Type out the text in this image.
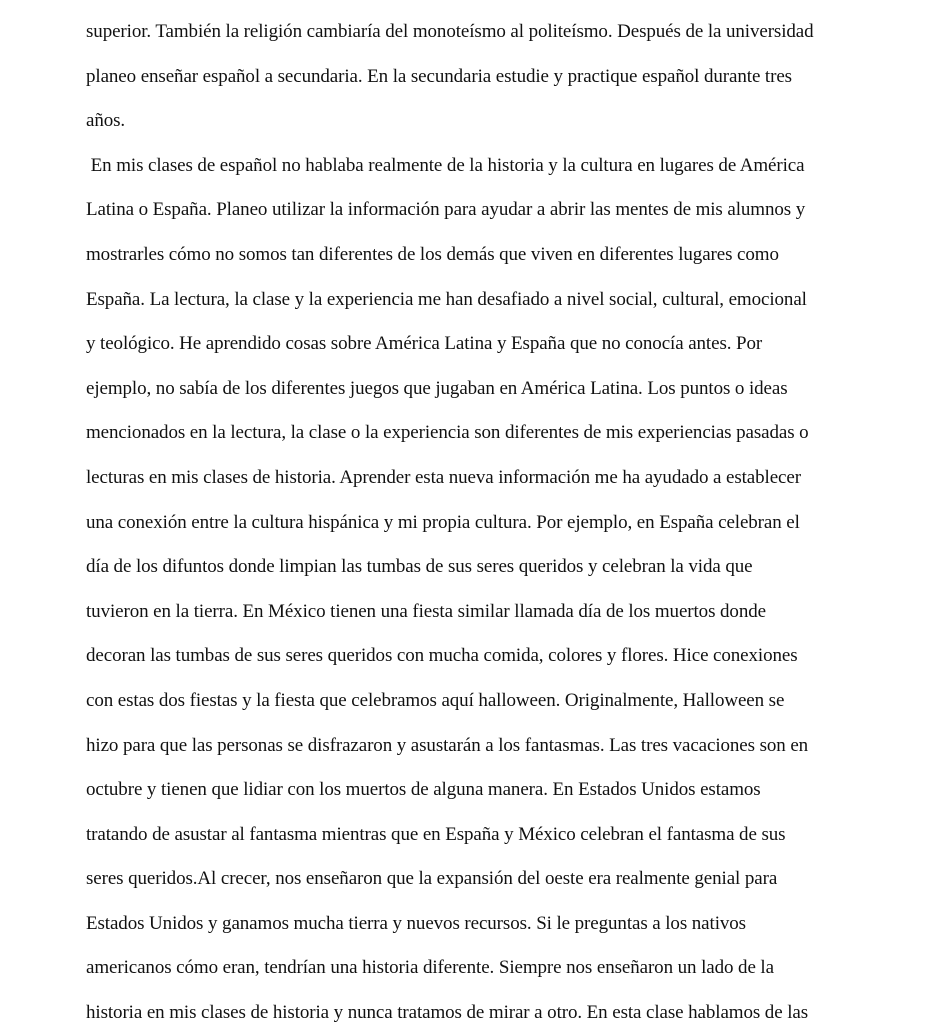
superior. También la religión cambiaría del monoteísmo al politeísmo. Después de la universidad
planeo enseñar español a secundaria. En la secundaria estudie y practique español durante tres
años.
En mis clases de español no hablaba realmente de la historia y la cultura en lugares de América
Latina o España. Planeo utilizar la información para ayudar a abrir las mentes de mis alumnos y
mostrarles cómo no somos tan diferentes de los demás que viven en diferentes lugares como
España. La lectura, la clase y la experiencia me han desafiado a nivel social, cultural, emocional
y teológico. He aprendido cosas sobre América Latina y España que no conocía antes. Por
ejemplo, no sabía de los diferentes juegos que jugaban en América Latina. Los puntos o ideas
mencionados en la lectura, la clase o la experiencia son diferentes de mis experiencias pasadas o
lecturas en mis clases de historia. Aprender esta nueva información me ha ayudado a establecer
una conexión entre la cultura hispánica y mi propia cultura. Por ejemplo, en España celebran el
día de los difuntos donde limpian las tumbas de sus seres queridos y celebran la vida que
tuvieron en la tierra. En México tienen una fiesta similar llamada día de los muertos donde
decoran las tumbas de sus seres queridos con mucha comida, colores y flores. Hice conexiones
con estas dos fiestas y la fiesta que celebramos aquí halloween. Originalmente, Halloween se
hizo para que las personas se disfrazaron y asustarán a los fantasmas. Las tres vacaciones son en
octubre y tienen que lidiar con los muertos de alguna manera. En Estados Unidos estamos
tratando de asustar al fantasma mientras que en España y México celebran el fantasma de sus
seres queridos.Al crecer, nos enseñaron que la expansión del oeste era realmente genial para
Estados Unidos y ganamos mucha tierra y nuevos recursos. Si le preguntas a los nativos
americanos cómo eran, tendrían una historia diferente. Siempre nos enseñaron un lado de la
historia en mis clases de historia y nunca tratamos de mirar a otro. En esta clase hablamos de las
